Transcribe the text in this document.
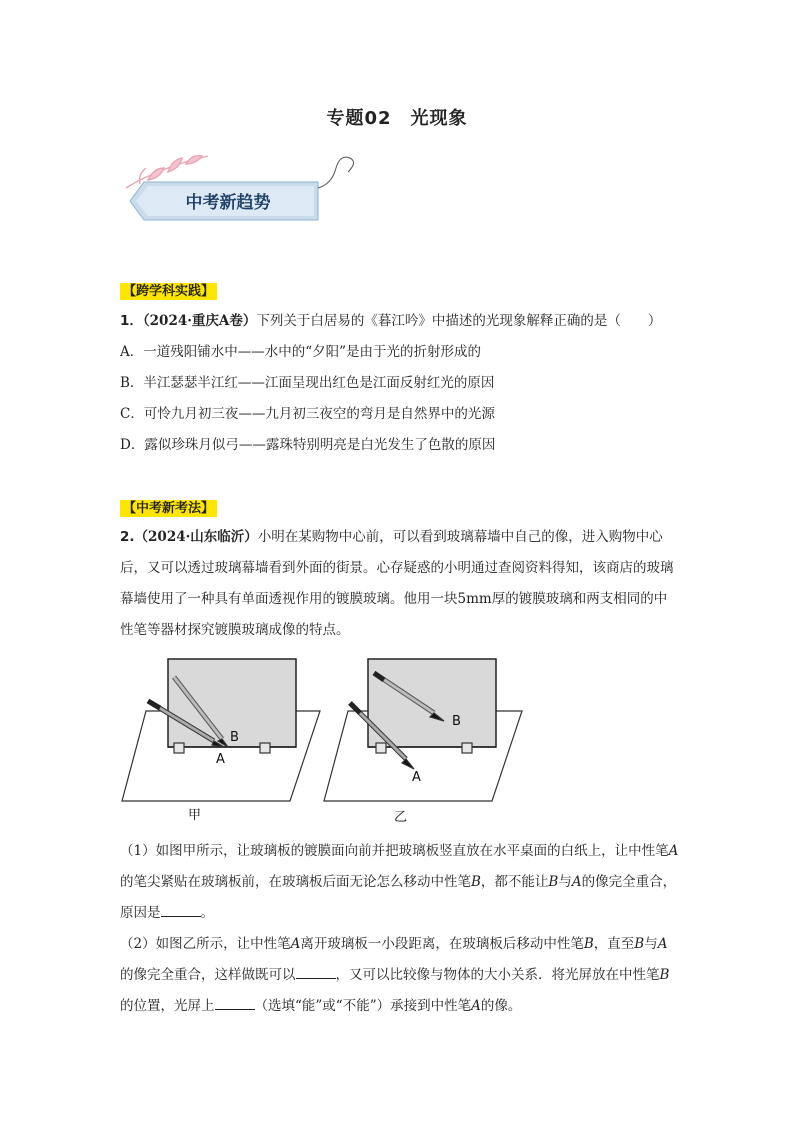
专题02　光现象
中考新趋势
【跨学科实践】
1．（2024·重庆A卷）下列关于白居易的《暮江吟》中描述的光现象解释正确的是（　　）
A．一道残阳铺水中——水中的“夕阳”是由于光的折射形成的
B．半江瑟瑟半江红——江面呈现出红色是江面反射红光的原因
C．可怜九月初三夜——九月初三夜空的弯月是自然界中的光源
D．露似珍珠月似弓——露珠特别明亮是白光发生了色散的原因
【中考新考法】
2.（2024·山东临沂）小明在某购物中心前，可以看到玻璃幕墙中自己的像，进入购物中心后，又可以透过玻璃幕墙看到外面的街景。心存疑惑的小明通过查阅资料得知，该商店的玻璃幕墙使用了一种具有单面透视作用的镀膜玻璃。他用一块5mm厚的镀膜玻璃和两支相同的中性笔等器材探究镀膜玻璃成像的特点。
B
A
甲
B
A
乙
（1）如图甲所示，让玻璃板的镀膜面向前并把玻璃板竖直放在水平桌面的白纸上，让中性笔A的笔尖紧贴在玻璃板前，在玻璃板后面无论怎么移动中性笔B，都不能让B与A的像完全重合，原因是	。
（2）如图乙所示，让中性笔A离开玻璃板一小段距离，在玻璃板后移动中性笔B，直至B与A的像完全重合，这样做既可以	，又可以比较像与物体的大小关系．将光屏放在中性笔B的位置，光屏上	（选填“能”或“不能”）承接到中性笔A的像。
